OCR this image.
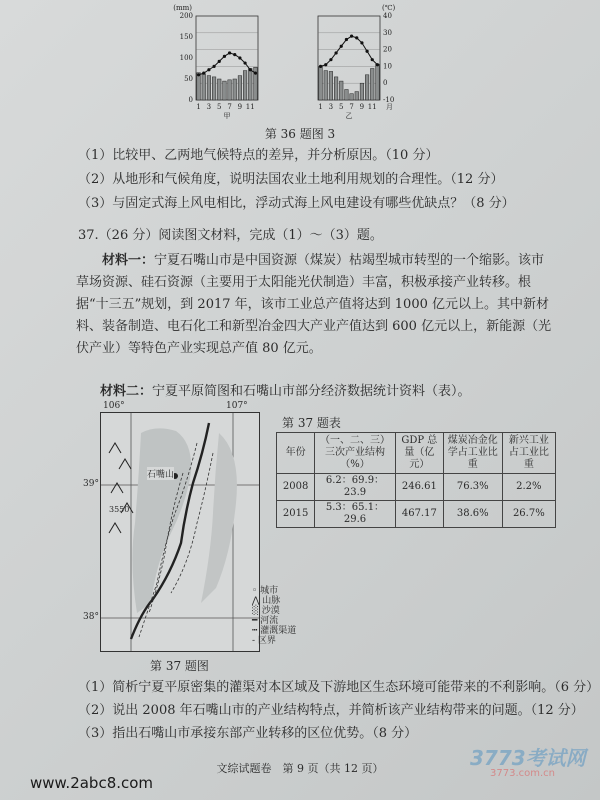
200
150
100
50
0
(mm)
1 3 5 7 9 11
甲
40
30
20
10
0
-10
(℃)
1 3 5 7 9 11
乙
月
第 36 题图 3
（1）比较甲、乙两地气候特点的差异，并分析原因。（10 分）
（2）从地形和气候角度，说明法国农业土地利用规划的合理性。（12 分）
（3）与固定式海上风电相比，浮动式海上风电建设有哪些优缺点？（8 分）
37.（26 分）阅读图文材料，完成（1）～（3）题。
材料一：宁夏石嘴山市是中国资源（煤炭）枯竭型城市转型的一个缩影。该市草场资源、硅石资源（主要用于太阳能光伏制造）丰富，积极承接产业转移。根据“十三五”规划，到 2017 年，该市工业总产值将达到 1000 亿元以上。其中新材料、装备制造、电石化工和新型冶金四大产业产值达到 600 亿元以上，新能源（光伏产业）等特色产业实现总产值 80 亿元。
材料二：宁夏平原简图和石嘴山市部分经济数据统计资料（表）。
106°	107°
39°
38°
石嘴山
3550
第 37 题图
◦ 城市
⋀ 山脉
░ 沙漠
━ 河流
┅ 灌溉渠道
‐ 区界
第 37 题表
年份	（一、二、三）三次产业结构（%）	GDP 总量（亿元）	煤炭冶金化学占工业比重	新兴工业占工业比重
2008	6.2：69.9：23.9	246.61	76.3%	2.2%
2015	5.3：65.1：29.6	467.17	38.6%	26.7%
（1）简析宁夏平原密集的灌渠对本区域及下游地区生态环境可能带来的不利影响。（6 分）
（2）说出 2008 年石嘴山市的产业结构特点，并简析该产业结构带来的问题。（12 分）
（3）指出石嘴山市承接东部产业转移的区位优势。（8 分）
文综试题卷　第 9 页（共 12 页）
www.2abc8.com
3773考试网
3773.com.cn
